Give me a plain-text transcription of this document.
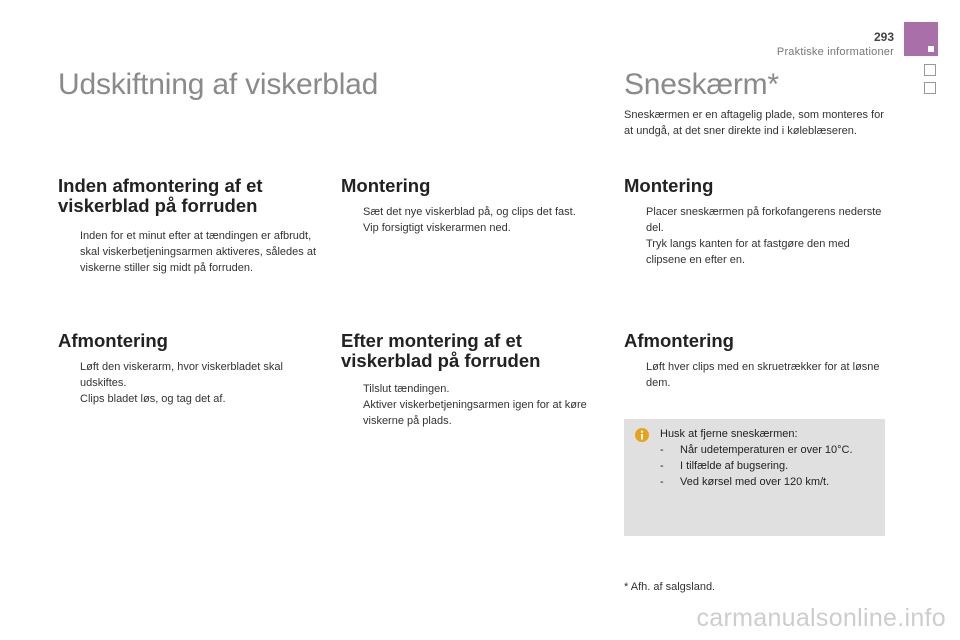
293
Praktiske informationer
Udskiftning af viskerblad
Inden afmontering af et viskerblad på forruden
Inden for et minut efter at tændingen er afbrudt, skal viskerbetjeningsarmen aktiveres, således at viskerne stiller sig midt på forruden.
Afmontering
Løft den viskerarm, hvor viskerbladet skal udskiftes.
Clips bladet løs, og tag det af.
Montering
Sæt det nye viskerblad på, og clips det fast.
Vip forsigtigt viskerarmen ned.
Efter montering af et viskerblad på forruden
Tilslut tændingen.
Aktiver viskerbetjeningsarmen igen for at køre viskerne på plads.
Sneskærm*

Sneskærmen er en aftagelig plade, som monteres for at undgå, at det sner direkte ind i køleblæseren.

Montering
Placer sneskærmen på forkofangerens nederste del.
Tryk langs kanten for at fastgøre den med clipsene en efter en.
Afmontering
Løft hver clips med en skruetrækker for at løsne dem.
Husk at fjerne sneskærmen:
- Når udetemperaturen er over 10°C.
- I tilfælde af bugsering.
- Ved kørsel med over 120 km/t.
* Afh. af salgsland.
carmanualsonline.info
